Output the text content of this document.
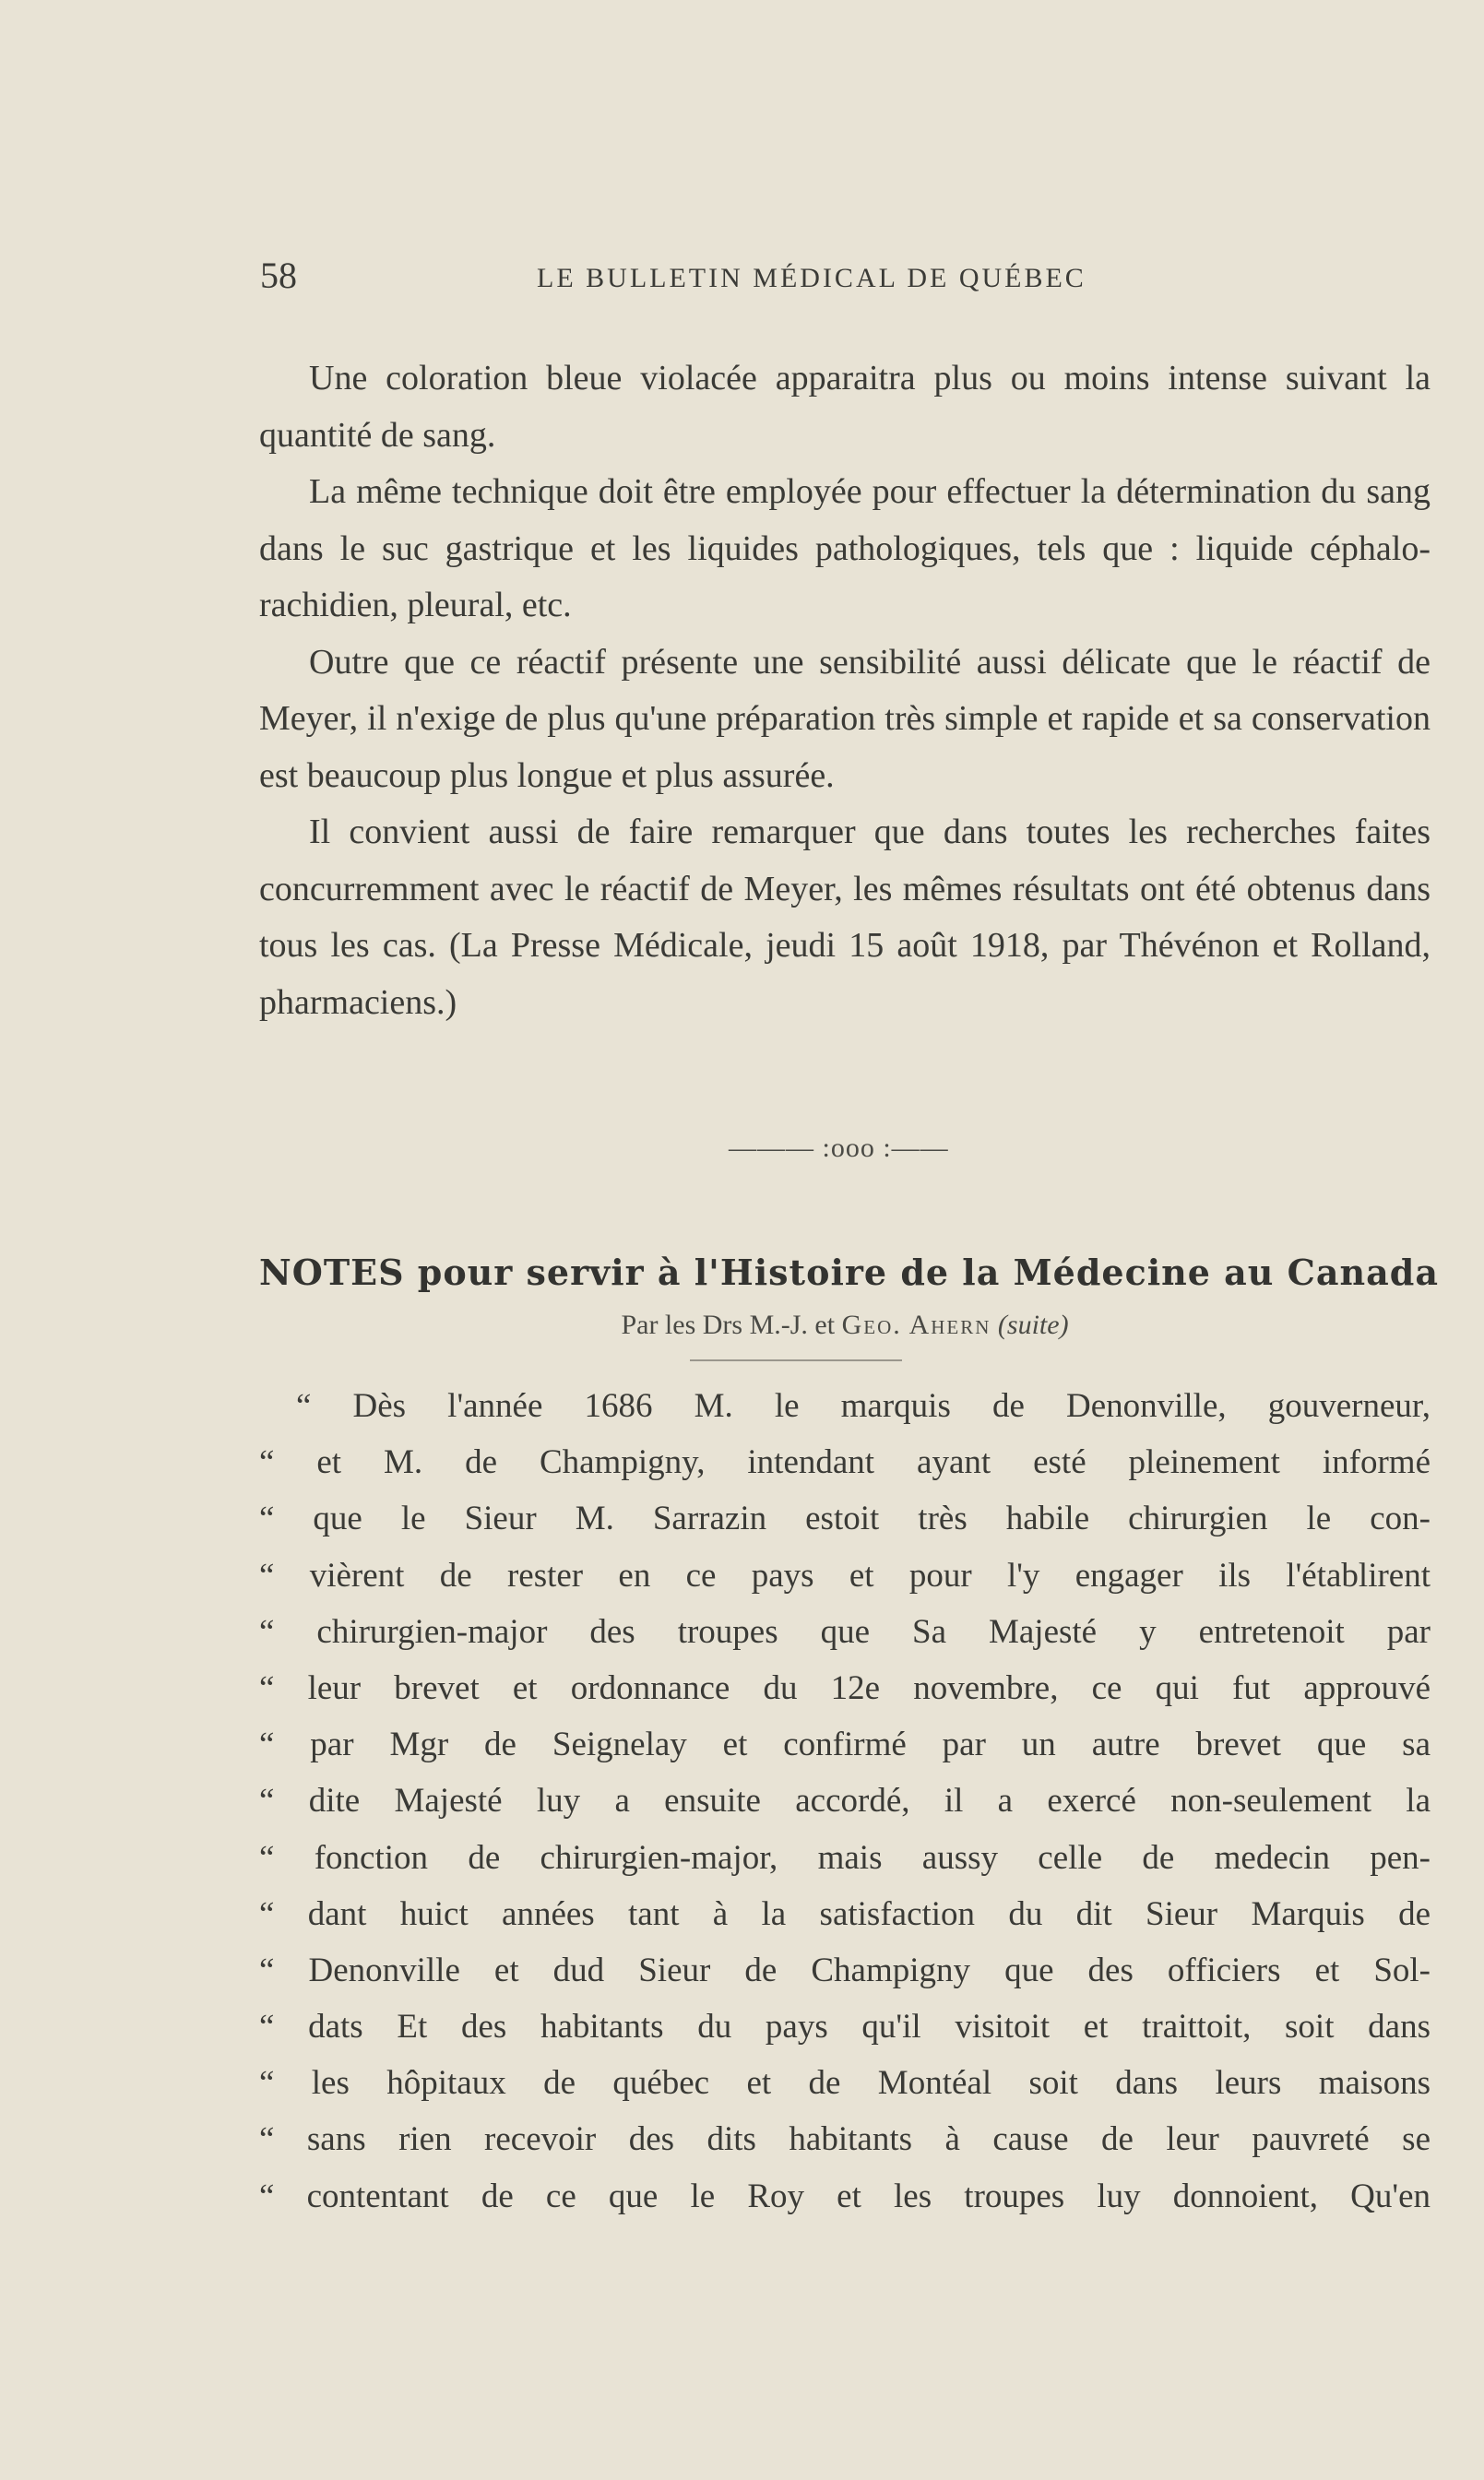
58	LE BULLETIN MÉDICAL DE QUÉBEC

Une coloration bleue violacée apparaitra plus ou moins intense suivant la quantité de sang.

La même technique doit être employée pour effectuer la détermination du sang dans le suc gastrique et les liquides pathologiques, tels que : liquide céphalo-rachidien, pleural, etc.

Outre que ce réactif présente une sensibilité aussi délicate que le réactif de Meyer, il n'exige de plus qu'une préparation très simple et rapide et sa conservation est beaucoup plus longue et plus assurée.

Il convient aussi de faire remarquer que dans toutes les recherches faites concurremment avec le réactif de Meyer, les mêmes résultats ont été obtenus dans tous les cas. (La Presse Médicale, jeudi 15 août 1918, par Thévénon et Rolland, pharmaciens.)

——— :ooo :——
NOTES pour servir à l'Histoire de la Médecine au Canada
Par les Drs M.-J. et Geo. Ahern (suite)
“ Dès l'année 1686 M. le marquis de Denonville, gouverneur,
“ et M. de Champigny, intendant ayant esté pleinement informé
“ que le Sieur M. Sarrazin estoit très habile chirurgien le con-
“ vièrent de rester en ce pays et pour l'y engager ils l'établirent
“ chirurgien-major des troupes que Sa Majesté y entretenoit par
“ leur brevet et ordonnance du 12e novembre, ce qui fut approuvé
“ par Mgr de Seignelay et confirmé par un autre brevet que sa
“ dite Majesté luy a ensuite accordé, il a exercé non-seulement la
“ fonction de chirurgien-major, mais aussy celle de medecin pen-
“ dant huict années tant à la satisfaction du dit Sieur Marquis de
“ Denonville et dud Sieur de Champigny que des officiers et Sol-
“ dats Et des habitants du pays qu'il visitoit et traittoit, soit dans
“ les hôpitaux de québec et de Montéal soit dans leurs maisons
“ sans rien recevoir des dits habitants à cause de leur pauvreté se
“ contentant de ce que le Roy et les troupes luy donnoient, Qu'en
